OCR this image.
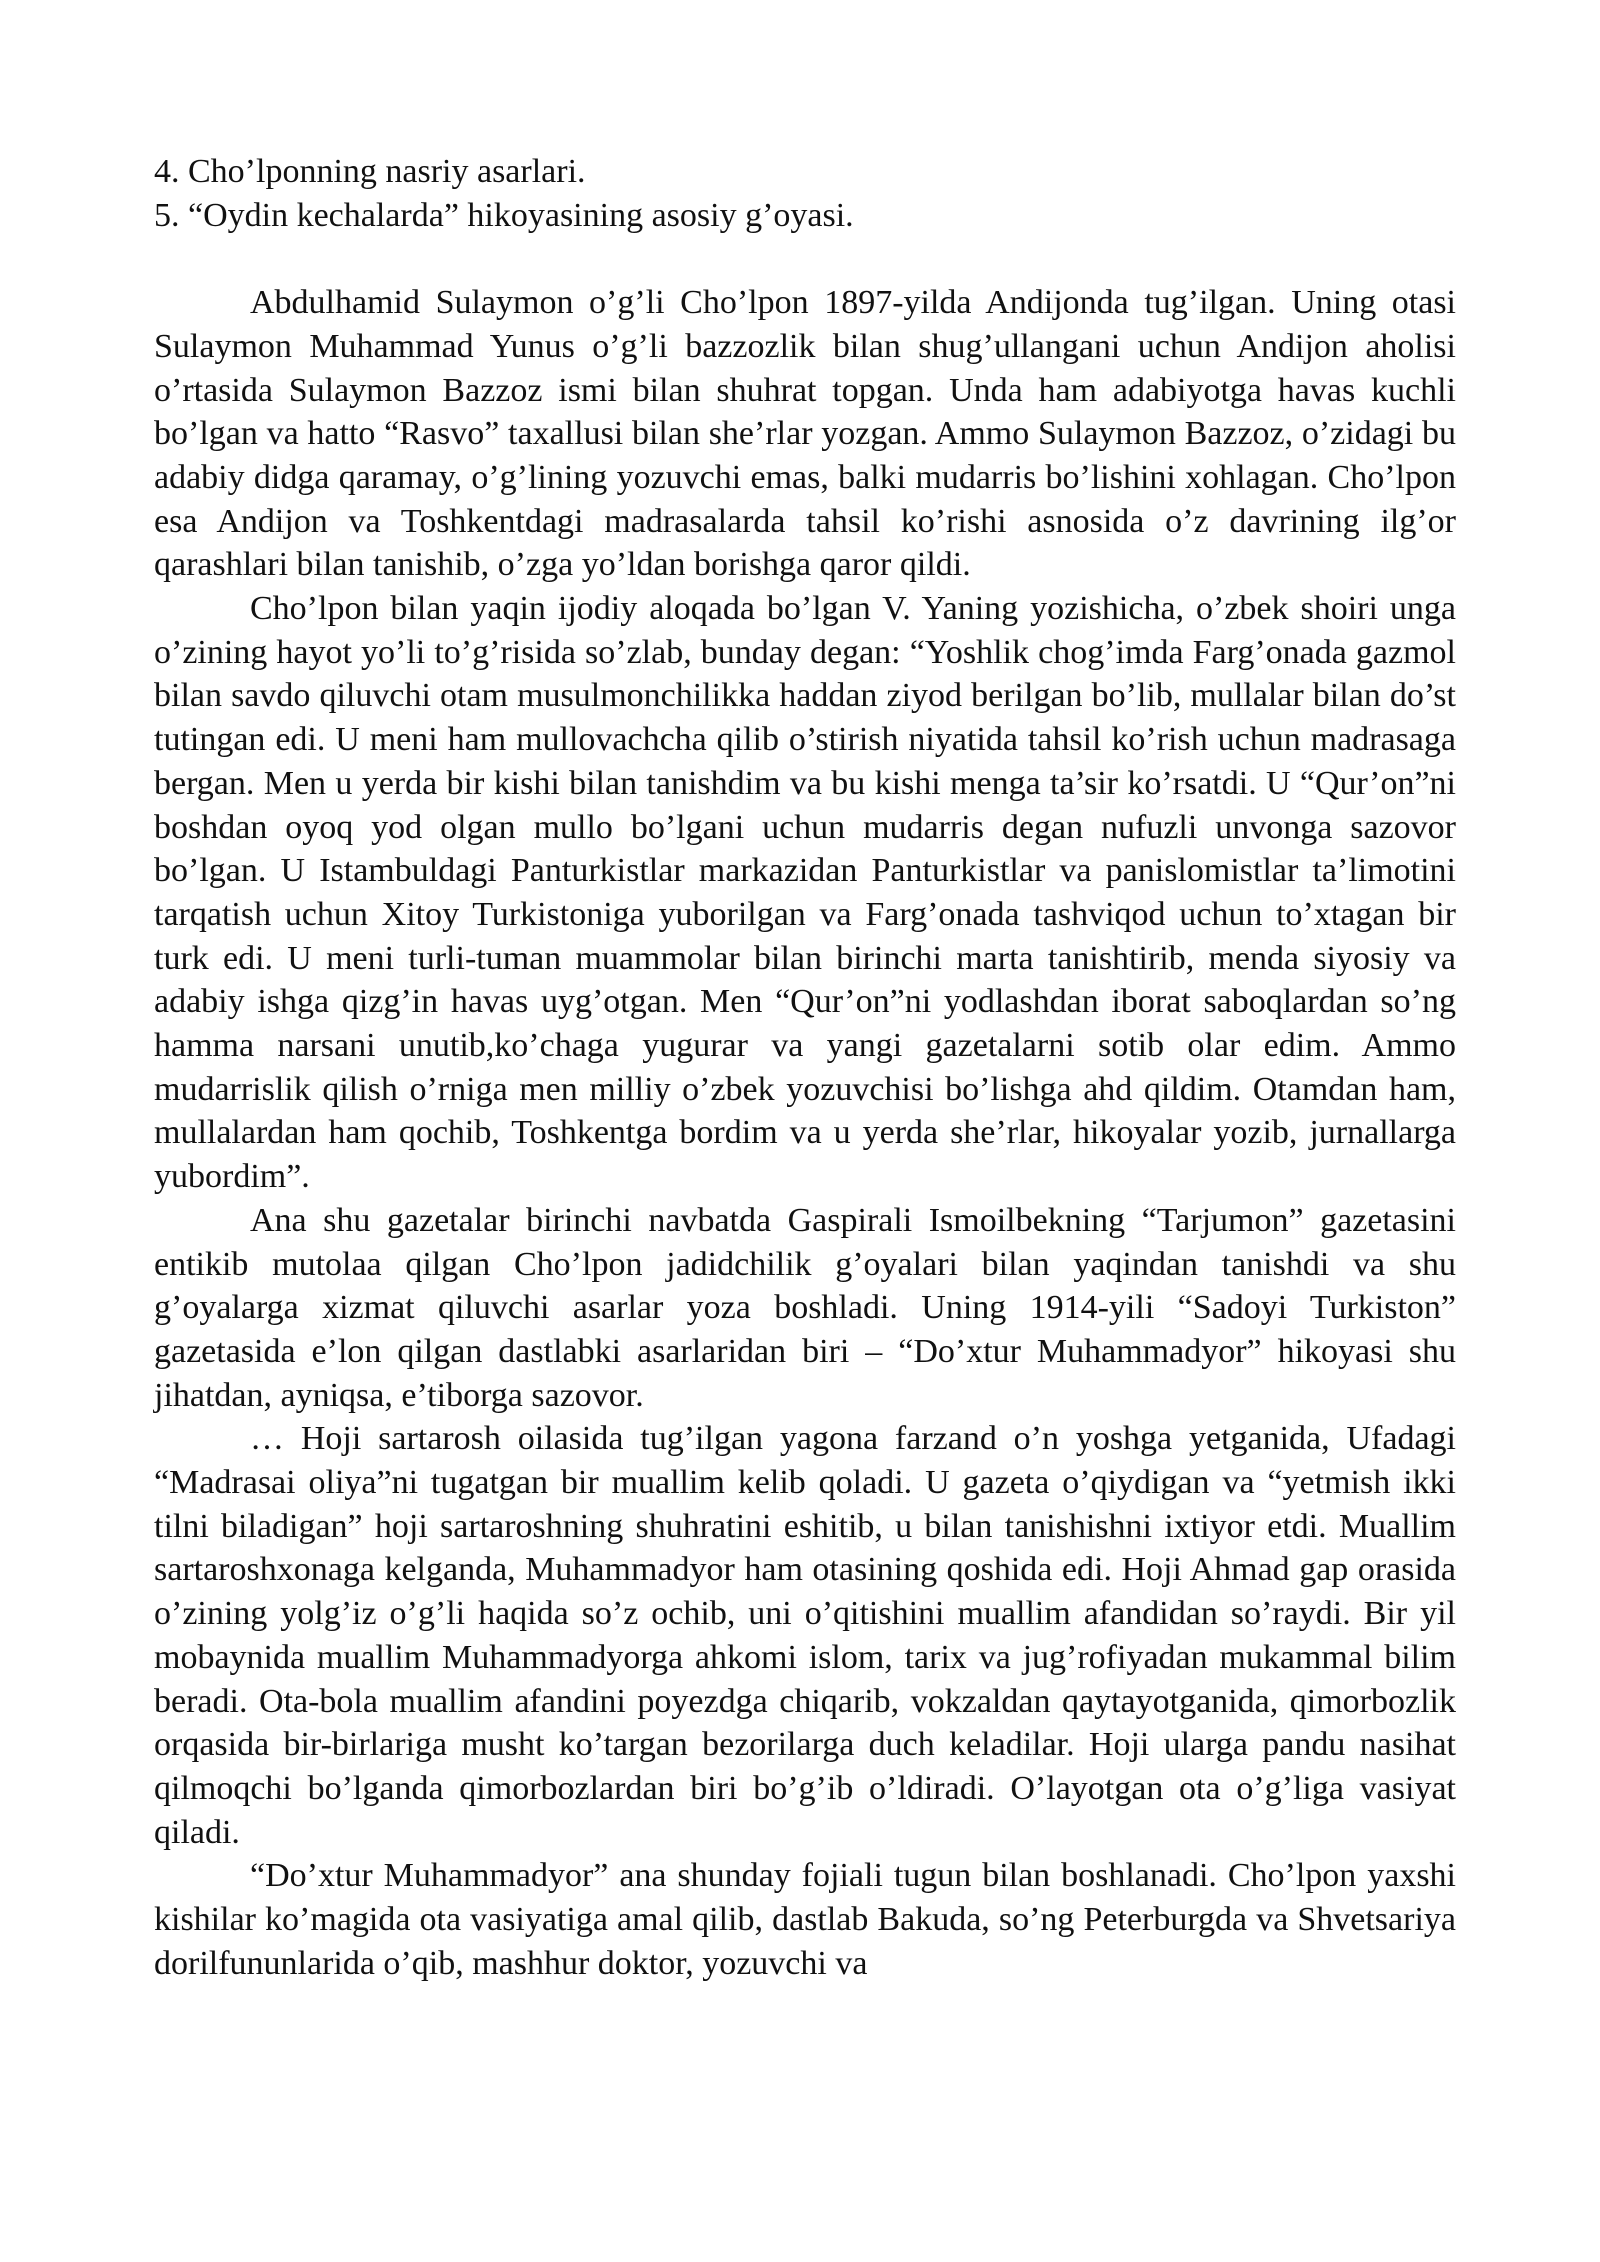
4. Cho’lponning nasriy asarlari.

5. “Oydin kechalarda” hikoyasining asosiy g’oyasi.

Abdulhamid Sulaymon o’g’li Cho’lpon 1897-yilda Andijonda tug’ilgan. Uning otasi Sulaymon Muhammad Yunus o’g’li bazzozlik bilan shug’ullangani uchun Andijon aholisi o’rtasida Sulaymon Bazzoz ismi bilan shuhrat topgan. Unda ham adabiyotga havas kuchli bo’lgan va hatto “Rasvo” taxallusi bilan she’rlar yozgan. Ammo Sulaymon Bazzoz, o’zidagi bu adabiy didga qaramay, o’g’lining yozuvchi emas, balki mudarris bo’lishini xohlagan. Cho’lpon esa Andijon va Toshkentdagi madrasalarda tahsil ko’rishi asnosida o’z davrining ilg’or qarashlari bilan tanishib, o’zga yo’ldan borishga qaror qildi.

Cho’lpon bilan yaqin ijodiy aloqada bo’lgan V. Yaning yozishicha, o’zbek shoiri unga o’zining hayot yo’li to’g’risida so’zlab, bunday degan: “Yoshlik chog’imda Farg’onada gazmol bilan savdo qiluvchi otam musulmonchilikka haddan ziyod berilgan bo’lib, mullalar bilan do’st tutingan edi. U meni ham mullovachcha qilib o’stirish niyatida tahsil ko’rish uchun madrasaga bergan. Men u yerda bir kishi bilan tanishdim va bu kishi menga ta’sir ko’rsatdi. U “Qur’on”ni boshdan oyoq yod olgan mullo bo’lgani uchun mudarris degan nufuzli unvonga sazovor bo’lgan. U Istambuldagi Panturkistlar markazidan Panturkistlar va panislomistlar ta’limotini tarqatish uchun Xitoy Turkistoniga yuborilgan va Farg’onada tashviqod uchun to’xtagan bir turk edi. U meni turli-tuman muammolar bilan birinchi marta tanishtirib, menda siyosiy va adabiy ishga qizg’in havas uyg’otgan. Men “Qur’on”ni yodlashdan iborat saboqlardan so’ng hamma narsani unutib,ko’chaga yugurar va yangi gazetalarni sotib olar edim. Ammo mudarrislik qilish o’rniga men milliy o’zbek yozuvchisi bo’lishga ahd qildim. Otamdan ham, mullalardan ham qochib, Toshkentga bordim va u yerda she’rlar, hikoyalar yozib, jurnallarga yubordim”.

Ana shu gazetalar birinchi navbatda Gaspirali Ismoilbekning “Tarjumon” gazetasini entikib mutolaa qilgan Cho’lpon jadidchilik g’oyalari bilan yaqindan tanishdi va shu g’oyalarga xizmat qiluvchi asarlar yoza boshladi. Uning 1914-yili “Sadoyi Turkiston” gazetasida e’lon qilgan dastlabki asarlaridan biri – “Do’xtur Muhammadyor” hikoyasi shu jihatdan, ayniqsa, e’tiborga sazovor.

… Hoji sartarosh oilasida tug’ilgan yagona farzand o’n yoshga yetganida, Ufadagi “Madrasai oliya”ni tugatgan bir muallim kelib qoladi. U gazeta o’qiydigan va “yetmish ikki tilni biladigan” hoji sartaroshning shuhratini eshitib, u bilan tanishishni ixtiyor etdi. Muallim sartaroshxonaga kelganda, Muhammadyor ham otasining qoshida edi. Hoji Ahmad gap orasida o’zining yolg’iz o’g’li haqida so’z ochib, uni o’qitishini muallim afandidan so’raydi. Bir yil mobaynida muallim Muhammadyorga ahkomi islom, tarix va jug’rofiyadan mukammal bilim beradi. Ota-bola muallim afandini poyezdga chiqarib, vokzaldan qaytayotganida, qimorbozlik orqasida bir-birlariga musht ko’targan bezorilarga duch keladilar. Hoji ularga pandu nasihat qilmoqchi bo’lganda qimorbozlardan biri bo’g’ib o’ldiradi. O’layotgan ota o’g’liga vasiyat qiladi.

“Do’xtur Muhammadyor” ana shunday fojiali tugun bilan boshlanadi. Cho’lpon yaxshi kishilar ko’magida ota vasiyatiga amal qilib, dastlab Bakuda, so’ng Peterburgda va Shvetsariya dorilfununlarida o’qib, mashhur doktor, yozuvchi va
